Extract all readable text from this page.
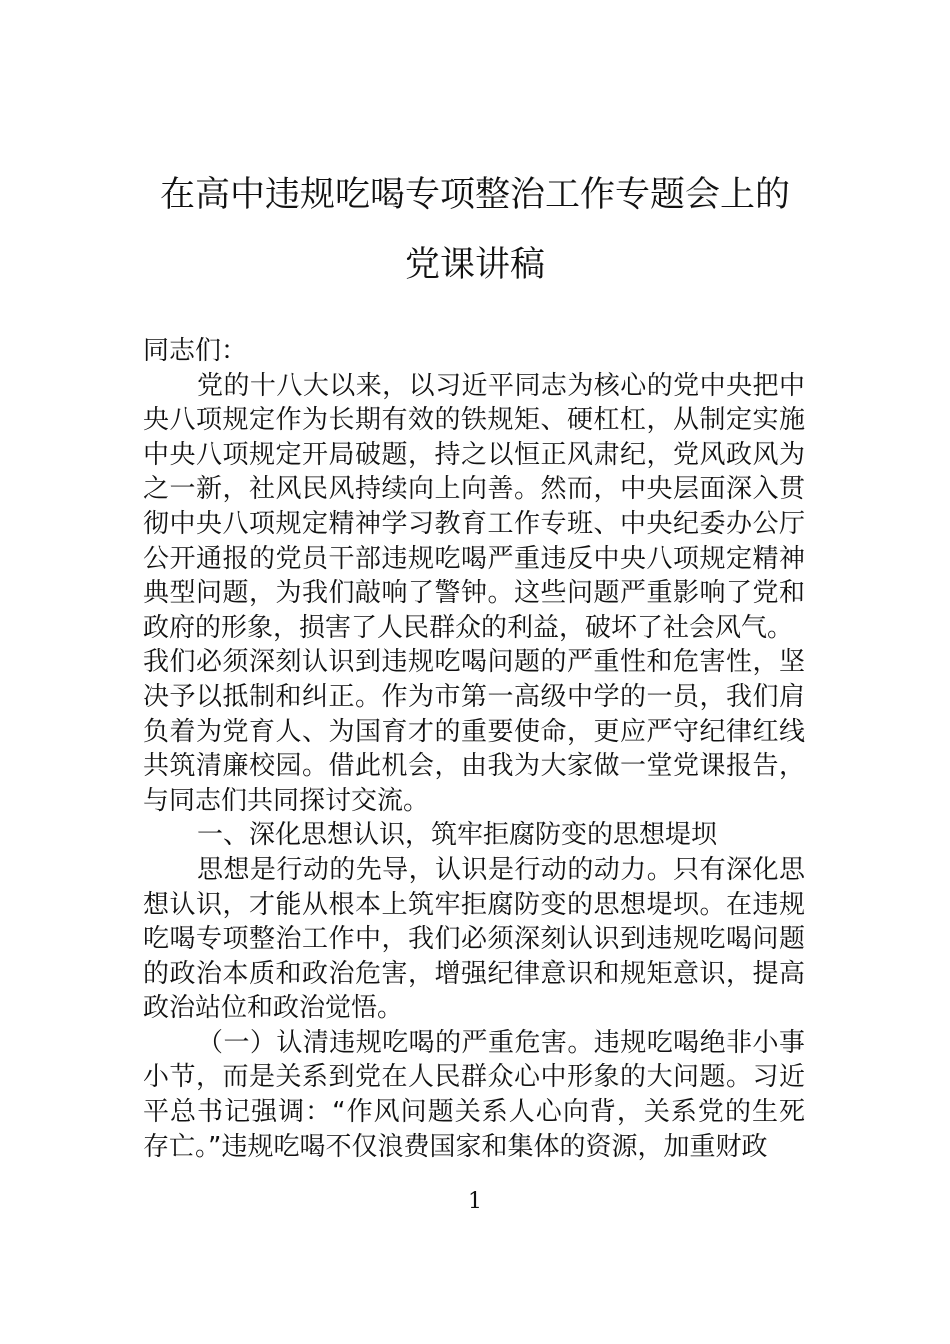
在高中违规吃喝专项整治工作专题会上的
党课讲稿

同志们：

党的十八大以来，以习近平同志为核心的党中央把中央八项规定作为长期有效的铁规矩、硬杠杠，从制定实施中央八项规定开局破题，持之以恒正风肃纪，党风政风为之一新，社风民风持续向上向善。然而，中央层面深入贯彻中央八项规定精神学习教育工作专班、中央纪委办公厅公开通报的党员干部违规吃喝严重违反中央八项规定精神典型问题，为我们敲响了警钟。这些问题严重影响了党和政府的形象，损害了人民群众的利益，破坏了社会风气。

我们必须深刻认识到违规吃喝问题的严重性和危害性，坚决予以抵制和纠正。作为市第一高级中学的一员，我们肩负着为党育人、为国育才的重要使命，更应严守纪律红线共筑清廉校园。借此机会，由我为大家做一堂党课报告，与同志们共同探讨交流。

一、深化思想认识，筑牢拒腐防变的思想堤坝

思想是行动的先导，认识是行动的动力。只有深化思想认识，才能从根本上筑牢拒腐防变的思想堤坝。在违规吃喝专项整治工作中，我们必须深刻认识到违规吃喝问题的政治本质和政治危害，增强纪律意识和规矩意识，提高政治站位和政治觉悟。

（一）认清违规吃喝的严重危害。违规吃喝绝非小事小节，而是关系到党在人民群众心中形象的大问题。习近平总书记强调：“作风问题关系人心向背，关系党的生死存亡。”违规吃喝不仅浪费国家和集体的资源，加重财政

1
